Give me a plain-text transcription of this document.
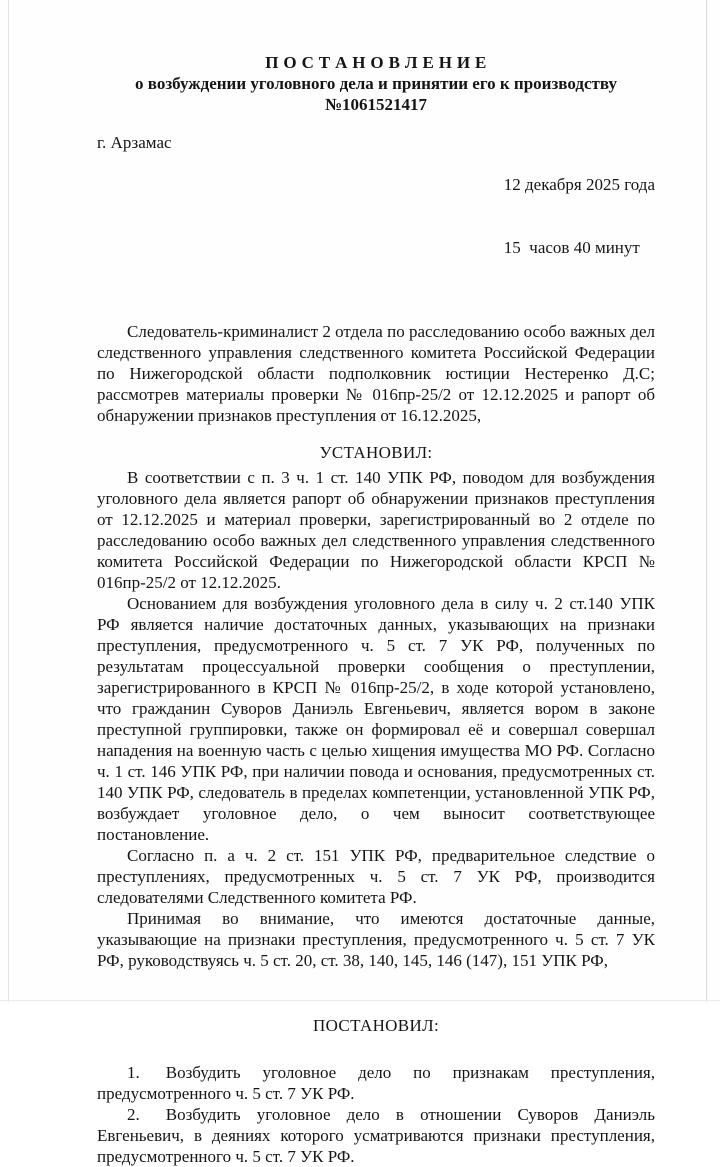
П О С Т А Н О В Л Е Н И Е
о возбуждении уголовного дела и принятии его к производству
№1061521417
г. Арзамас

12 декабря 2025 года

15  часов 40 минут

Следователь-криминалист 2 отдела по расследованию особо важных дел следственного управления следственного комитета Российской Федерации по Нижегородской области подполковник юстиции Нестеренко Д.С; рассмотрев материалы проверки № 016пр-25/2 от 12.12.2025 и рапорт об обнаружении признаков преступления от 16.12.2025,

УСТАНОВИЛ:

В соответствии с п. 3 ч. 1 ст. 140 УПК РФ, поводом для возбуждения уголовного дела является рапорт об обнаружении признаков преступления от 12.12.2025 и материал проверки, зарегистрированный во 2 отделе по расследованию особо важных дел следственного управления следственного комитета Российской Федерации по Нижегородской области КРСП № 016пр-25/2 от 12.12.2025.

Основанием для возбуждения уголовного дела в силу ч. 2 ст.140 УПК РФ является наличие достаточных данных, указывающих на признаки преступления, предусмотренного ч. 5 ст. 7 УК РФ, полученных по результатам процессуальной проверки сообщения о преступлении, зарегистрированного в КРСП № 016пр-25/2, в ходе которой установлено, что гражданин Суворов Даниэль Евгеньевич, является вором в законе преступной группировки, также он формировал её и совершал совершал нападения на военную часть с целью хищения имущества МО РФ. Согласно ч. 1 ст. 146 УПК РФ, при наличии повода и основания, предусмотренных ст. 140 УПК РФ, следователь в пределах компетенции, установленной УПК РФ, возбуждает уголовное дело, о чем выносит соответствующее постановление.

Согласно п. а ч. 2 ст. 151 УПК РФ, предварительное следствие о преступлениях, предусмотренных ч. 5 ст. 7 УК РФ, производится следователями Следственного комитета РФ.

Принимая во внимание, что имеются достаточные данные, указывающие на признаки преступления, предусмотренного ч. 5 ст. 7 УК РФ, руководствуясь ч. 5 ст. 20, ст. 38, 140, 145, 146 (147), 151 УПК РФ,

ПОСТАНОВИЛ:

1. Возбудить уголовное дело по признакам преступления, предусмотренного ч. 5 ст. 7 УК РФ.

2. Возбудить уголовное дело в отношении Суворов Даниэль Евгеньевич, в деяниях которого усматриваются признаки преступления, предусмотренного ч. 5 ст. 7 УК РФ.
